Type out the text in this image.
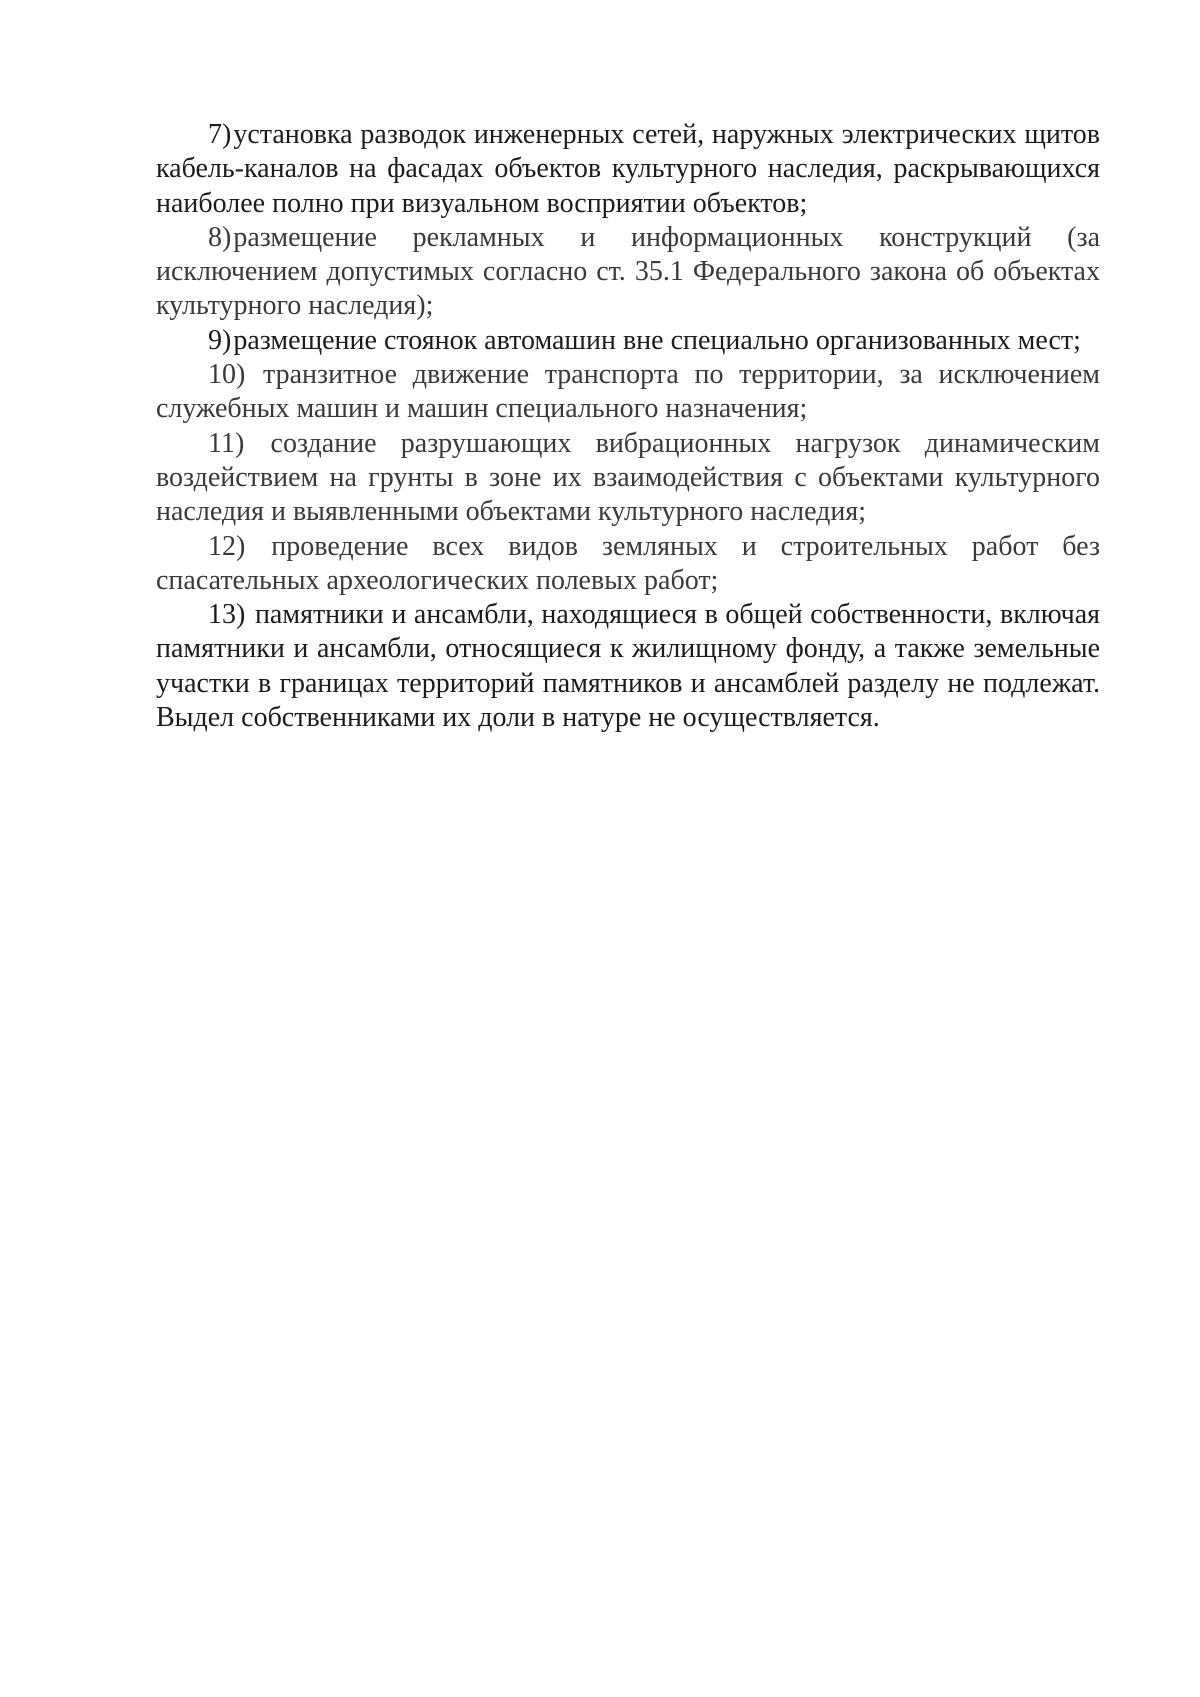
7)установка разводок инженерных сетей, наружных электрических щитов кабель-каналов на фасадах объектов культурного наследия, раскрывающихся наиболее полно при визуальном восприятии объектов;

8)размещение рекламных и информационных конструкций (за исключением допустимых согласно ст. 35.1 Федерального закона об объектах культурного наследия);

9)размещение стоянок автомашин вне специально организованных мест;

10) транзитное движение транспорта по территории, за исключением служебных машин и машин специального назначения;

11) создание разрушающих вибрационных нагрузок динамическим воздействием на грунты в зоне их взаимодействия с объектами культурного наследия и выявленными объектами культурного наследия;

12) проведение всех видов земляных и строительных работ без спасательных археологических полевых работ;

13) памятники и ансамбли, находящиеся в общей собственности, включая памятники и ансамбли, относящиеся к жилищному фонду, а также земельные участки в границах территорий памятников и ансамблей разделу не подлежат. Выдел собственниками их доли в натуре не осуществляется.
